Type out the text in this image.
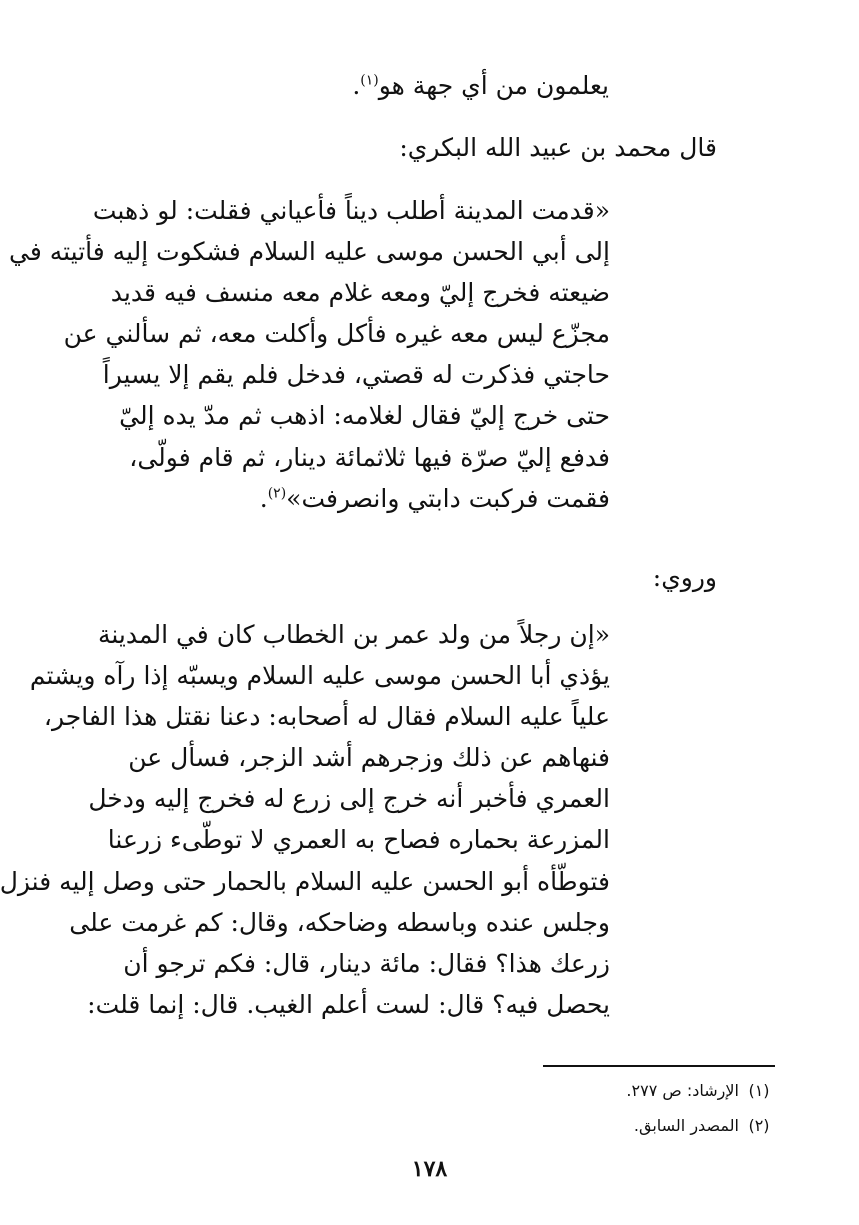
يعلمون من أي جهة هو$^{(١)}$.
قال محمد بن عبيد الله البكري:
«قدمت المدينة أطلب ديناً فأعياني فقلت: لو ذهبت
إلى أبي الحسن موسى عليه السلام فشكوت إليه فأتيته في
ضيعته فخرج إليّ ومعه غلام معه منسف فيه قديد
مجزّع ليس معه غيره فأكل وأكلت معه، ثم سألني عن
حاجتي فذكرت له قصتي، فدخل فلم يقم إلا يسيراً
حتى خرج إليّ فقال لغلامه: اذهب ثم مدّ يده إليّ
فدفع إليّ صرّة فيها ثلاثمائة دينار، ثم قام فولّى،
فقمت فركبت دابتي وانصرفت»$^{(٢)}$.
وروي:
«إن رجلاً من ولد عمر بن الخطاب كان في المدينة
يؤذي أبا الحسن موسى عليه السلام ويسبّه إذا رآه ويشتم
علياً عليه السلام فقال له أصحابه: دعنا نقتل هذا الفاجر،
فنهاهم عن ذلك وزجرهم أشد الزجر، فسأل عن
العمري فأخبر أنه خرج إلى زرع له فخرج إليه ودخل
المزرعة بحماره فصاح به العمري لا توطّىء زرعنا
فتوطّأه أبو الحسن عليه السلام بالحمار حتى وصل إليه فنزل
وجلس عنده وباسطه وضاحكه، وقال: كم غرمت على
زرعك هذا؟ فقال: مائة دينار، قال: فكم ترجو أن
يحصل فيه؟ قال: لست أعلم الغيب. قال: إنما قلت:
(١) الإرشاد: ص ٢٧٧.
(٢) المصدر السابق.
١٧٨
